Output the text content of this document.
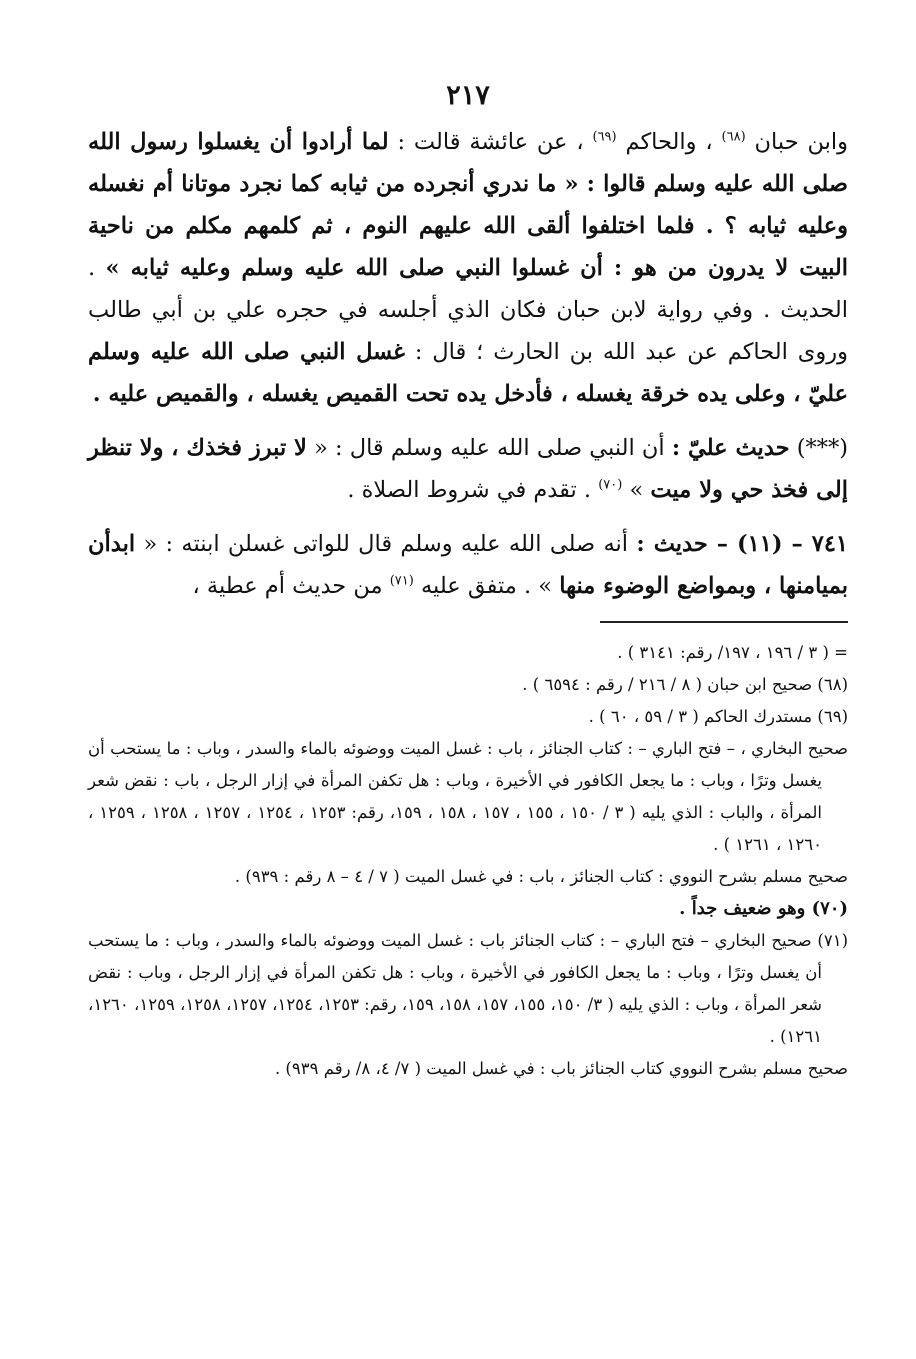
٢١٧

وابن حبان $^{(٦٨)}$ ، والحاكم $^{(٦٩)}$ ، عن عائشة قالت : لما أرادوا أن يغسلوا رسول الله صلى الله عليه وسلم قالوا : « ما ندري أنجرده من ثيابه كما نجرد موتانا أم نغسله وعليه ثيابه ؟ . فلما اختلفوا ألقى الله عليهم النوم ، ثم كلمهم مكلم من ناحية البيت لا يدرون من هو : أن غسلوا النبي صلى الله عليه وسلم وعليه ثيابه » . الحديث . وفي رواية لابن حبان فكان الذي أجلسه في حجره علي بن أبي طالب وروى الحاكم عن عبد الله بن الحارث ؛ قال : غسل النبي صلى الله عليه وسلم عليّ ، وعلى يده خرقة يغسله ، فأدخل يده تحت القميص يغسله ، والقميص عليه .

(***) حديث عليّ : أن النبي صلى الله عليه وسلم قال : « لا تبرز فخذك ، ولا تنظر إلى فخذ حي ولا ميت » $^{(٧٠)}$ . تقدم في شروط الصلاة .

٧٤١ – (١١) – حديث : أنه صلى الله عليه وسلم قال للواتى غسلن ابنته : « ابدأن بميامنها ، وبمواضع الوضوء منها » . متفق عليه $^{(٧١)}$ من حديث أم عطية ،

= ( ٣ / ١٩٦ ، ١٩٧/ رقم: ٣١٤١ ) .

(٦٨) صحيح ابن حبان ( ٨ / ٢١٦ / رقم : ٦٥٩٤ ) .

(٦٩) مستدرك الحاكم ( ٣ / ٥٩ ، ٦٠ ) .

صحيح البخاري ، – فتح الباري – : كتاب الجنائز ، باب : غسل الميت ووضوئه بالماء والسدر ، وباب : ما يستحب أن يغسل وترًا ، وباب : ما يجعل الكافور في الأخيرة ، وباب : هل تكفن المرأة في إزار الرجل ، باب : نقض شعر المرأة ، والباب : الذي يليه ( ٣ / ١٥٠ ، ١٥٥ ، ١٥٧ ، ١٥٨ ، ١٥٩، رقم: ١٢٥٣ ، ١٢٥٤ ، ١٢٥٧ ، ١٢٥٨ ، ١٢٥٩ ، ١٢٦٠ ، ١٢٦١ ) .

صحيح مسلم بشرح النووي : كتاب الجنائز ، باب : في غسل الميت ( ٧ / ٤ – ٨ رقم : ٩٣٩) .

(٧٠) وهو ضعيف جداً .

(٧١) صحيح البخاري – فتح الباري – : كتاب الجنائز باب : غسل الميت ووضوئه بالماء والسدر ، وباب : ما يستحب أن يغسل وترًا ، وباب : ما يجعل الكافور في الأخيرة ، وباب : هل تكفن المرأة في إزار الرجل ، وباب : نقض شعر المرأة ، وباب : الذي يليه ( ٣/ ١٥٠، ١٥٥، ١٥٧، ١٥٨، ١٥٩، رقم: ١٢٥٣، ١٢٥٤، ١٢٥٧، ١٢٥٨، ١٢٥٩، ١٢٦٠، ١٢٦١) .

صحيح مسلم بشرح النووي كتاب الجنائز باب : في غسل الميت ( ٧/ ٤، ٨/ رقم ٩٣٩) .
